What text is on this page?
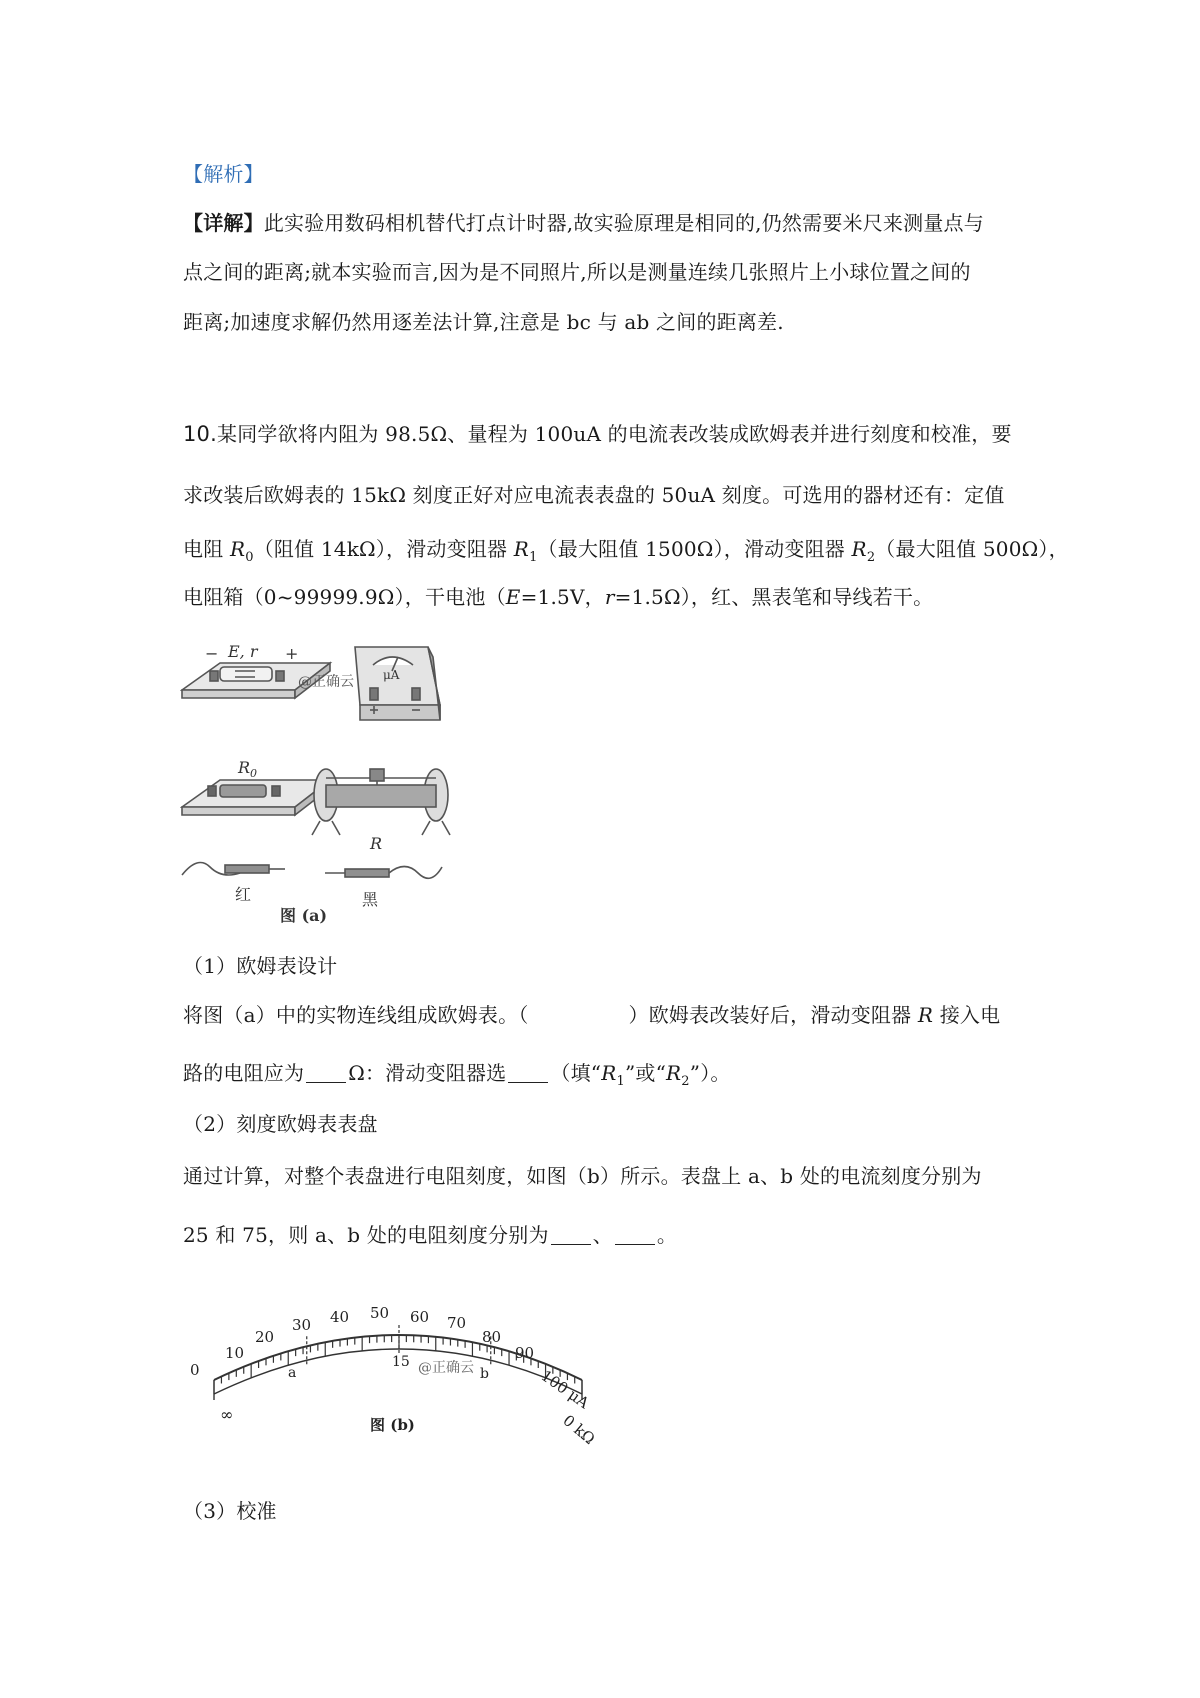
【解析】
【详解】此实验用数码相机替代打点计时器,故实验原理是相同的,仍然需要米尺来测量点与
点之间的距离;就本实验而言,因为是不同照片,所以是测量连续几张照片上小球位置之间的
距离;加速度求解仍然用逐差法计算,注意是 bc 与 ab 之间的距离差.
10.某同学欲将内阻为 98.5Ω、量程为 100uA 的电流表改装成欧姆表并进行刻度和校准，要
求改装后欧姆表的 15kΩ 刻度正好对应电流表表盘的 50uA 刻度。可选用的器材还有：定值
电阻 $R_0$（阻值 14kΩ），滑动变阻器 $R_1$（最大阻值 1500Ω），滑动变阻器 $R_2$（最大阻值 500Ω），
电阻箱（0~99999.9Ω），干电池（E=1.5V，r=1.5Ω），红、黑表笔和导线若干。
E, r
−	+
@正确云 μA
$R_0$
R
红	黑
图 (a)
（1）欧姆表设计
将图（a）中的实物连线组成欧姆表。（	）欧姆表改装好后，滑动变阻器 R 接入电
路的电阻应为 Ω：滑动变阻器选 （填“$R_1$”或“$R_2$”）。
（2）刻度欧姆表表盘
通过计算，对整个表盘进行电阻刻度，如图（b）所示。表盘上 a、b 处的电流刻度分别为
25 和 75，则 a、b 处的电阻刻度分别为 、 。
0
10
20
30 40 50 60 70
80
90
100 μA
a	b
15
∞	0 kΩ
@正确云
图 (b)
（3）校准
